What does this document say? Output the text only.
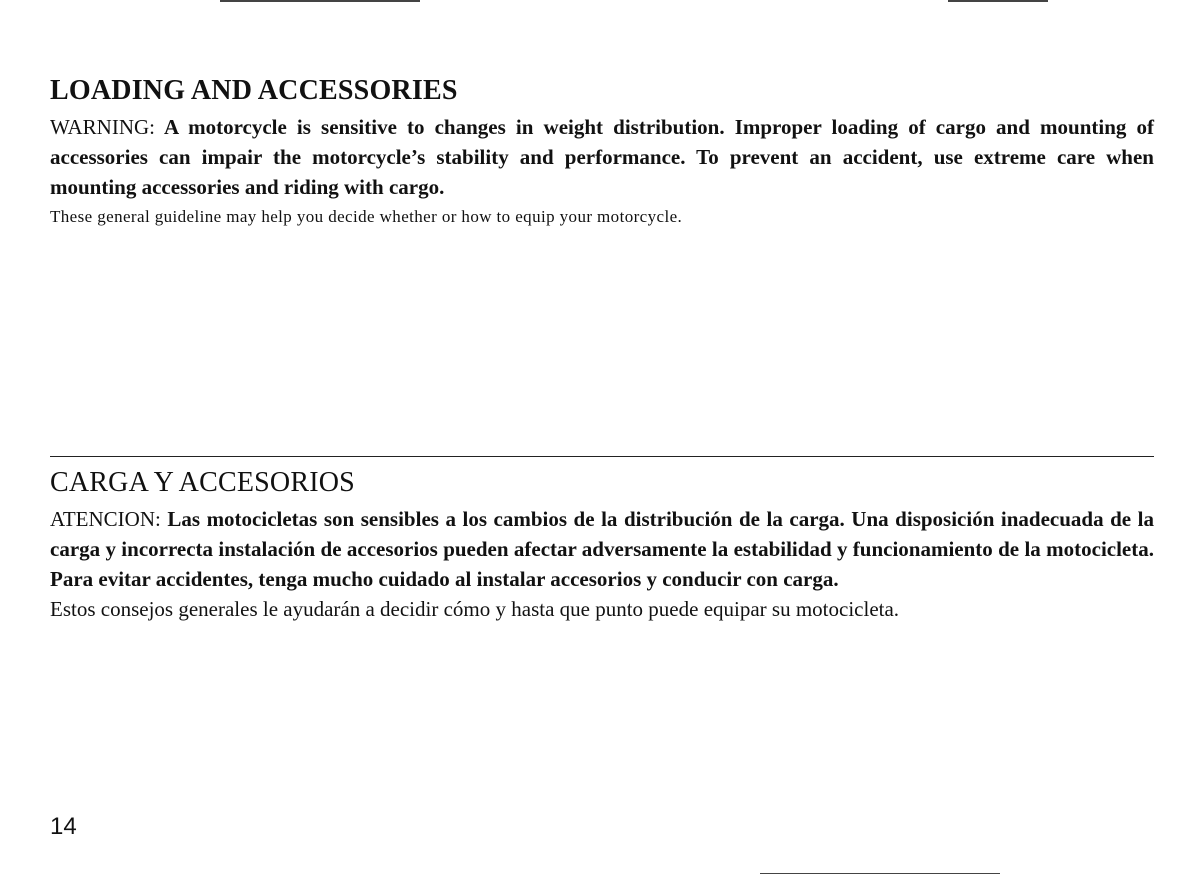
LOADING AND ACCESSORIES

WARNING: A motorcycle is sensitive to changes in weight distribution. Improper loading of cargo and mounting of accessories can impair the motorcycle’s stability and performance. To prevent an accident, use extreme care when mounting accessories and riding with cargo.

These general guideline may help you decide whether or how to equip your motorcycle.

CARGA Y ACCESORIOS

ATENCION: Las motocicletas son sensibles a los cambios de la distribución de la carga. Una disposición inadecuada de la carga y incorrecta instalación de accesorios pueden afectar adversamente la estabilidad y funcionamiento de la motocicleta. Para evitar accidentes, tenga mucho cuidado al instalar accesorios y conducir con carga.

Estos consejos generales le ayudarán a decidir cómo y hasta que punto puede equipar su motocicleta.

14
